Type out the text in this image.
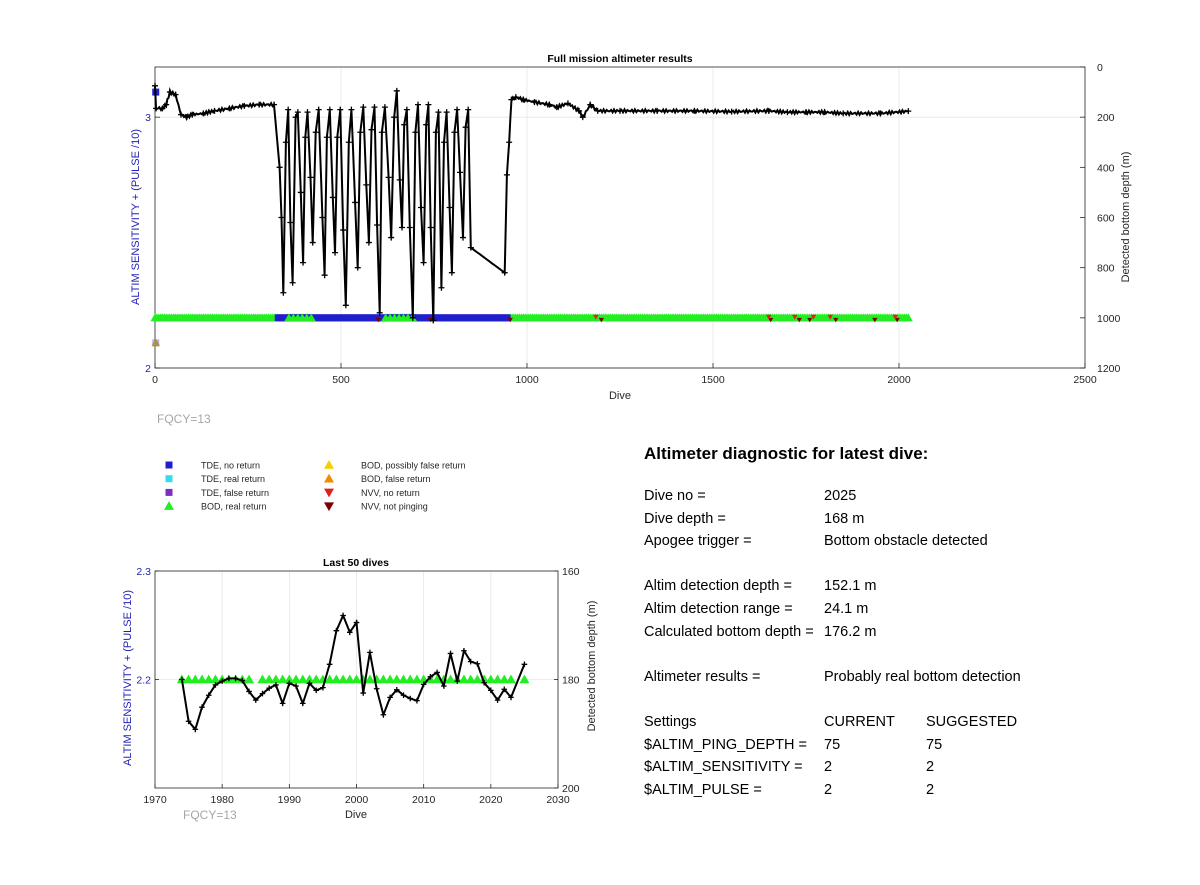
Full mission altimeter results
0	500	1000	1500	2000	2500
2
3
0
200
400
600
800
1000
1200
Dive
ALTIM SENSITIVITY + (PULSE /10)	Detected bottom depth (m)
FQCY=13
TDE, no return
TDE, real return
TDE, false return
BOD, real return
BOD, possibly false return
BOD, false return
NVV, no return
NVV, not pinging
Last 50 dives
1970	1980	1990	2000	2010	2020	2030
2.2
2.3	160
180
200
Dive
ALTIM SENSITIVITY + (PULSE /10)	Detected bottom depth (m)
FQCY=13
Altimeter diagnostic for latest dive:
Dive no =	2025
Dive depth =	168 m
Apogee trigger =	Bottom obstacle detected
Altim detection depth = 152.1 m
Altim detection range = 24.1 m
Calculated bottom depth = 176.2 m
Altimeter results =	Probably real bottom detection
Settings	CURRENT SUGGESTED
$ALTIM_PING_DEPTH = 75	75
$ALTIM_SENSITIVITY = 2	2
$ALTIM_PULSE =	2	2
